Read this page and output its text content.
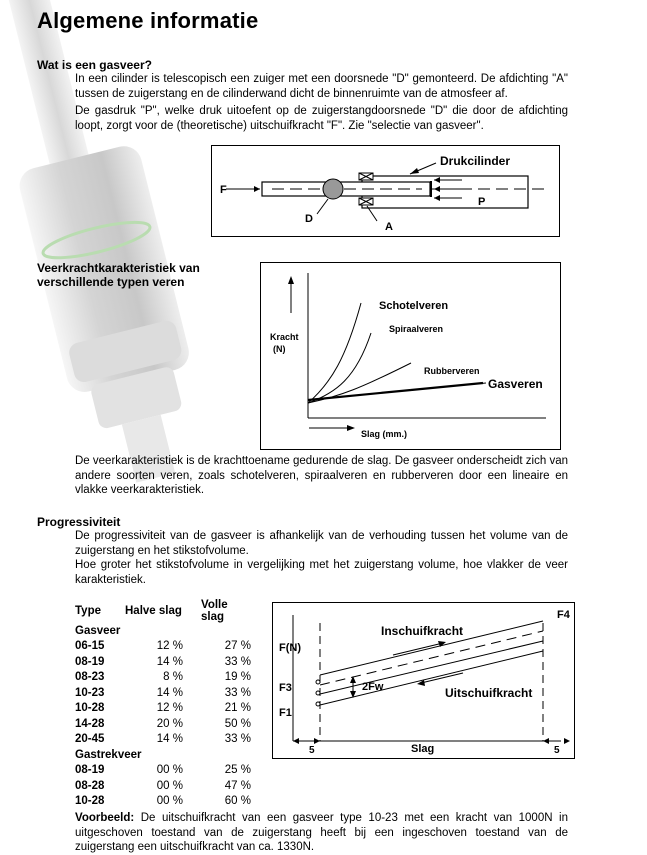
Algemene informatie
Wat is een gasveer?
In een cilinder is telescopisch een zuiger met een doorsnede "D" gemonteerd. De afdichting "A" tussen de zuigerstang en de cilinderwand dicht de binnenruimte van de atmosfeer af.
De gasdruk "P", welke druk uitoefent op de zuigerstangdoorsnede "D" die door de afdichting loopt, zorgt voor de (theoretische) uitschuifkracht "F". Zie "selectie van gasveer".
F
Drukcilinder
P
D
A
Veerkrachtkarakteristiek van
verschillende typen veren
Kracht
(N)
Slag (mm.)
Schotelveren
Spiraalveren
Rubberveren
Gasveren
De veerkarakteristiek is de krachttoename gedurende de slag. De gasveer onderscheidt zich van andere soorten veren, zoals schotelveren, spiraalveren en rubberveren door een lineaire en vlakke veerkarakteristiek.
Progressiviteit
De progressiviteit van de gasveer is afhankelijk van de verhouding tussen het volume van de zuigerstang en het stikstofvolume.
Hoe groter het stikstofvolume in vergelijking met het zuigerstang volume, hoe vlakker de veer karakteristiek.
Type	Halve slag	Volle slag
Gasveer		
06-15	12 %	27 %
08-19	14 %	33 %
08-23	8 %	19 %
10-23	14 %	33 %
10-28	12 %	21 %
14-28	20 %	50 %
20-45	14 %	33 %
Gastrekveer		
08-19	00 %	25 %
08-28	00 %	47 %
10-28	00 %	60 %
F(N)
F3
F1
F4
2Fw
Inschuifkracht
Uitschuifkracht
Slag
5	5
Voorbeeld: De uitschuifkracht van een gasveer type 10-23 met een kracht van 1000N in uitgeschoven toestand van de zuigerstang heeft bij een ingeschoven toestand van de zuigerstang een uitschuifkracht van ca. 1330N.
